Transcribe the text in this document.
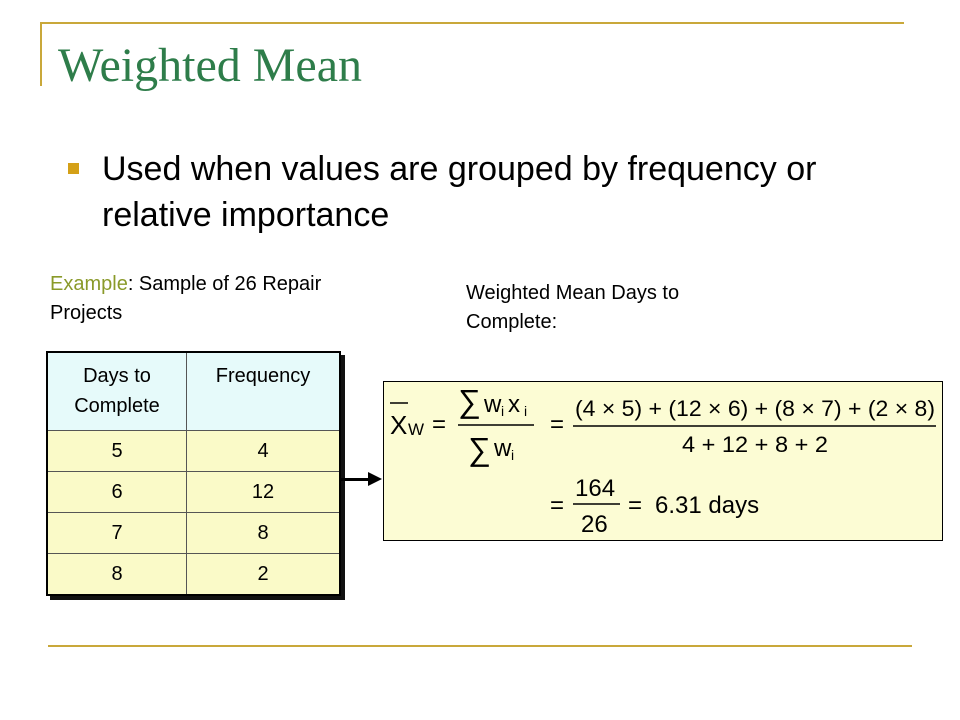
Weighted Mean
Used when values are grouped by frequency or relative importance
Example: Sample of 26 Repair Projects
Weighted Mean Days to Complete:
Days to Complete	Frequency
5	4
6	12
7	8
8	2
X W =
∑ w i x i
∑ w i
=
(4 × 5) + (12 × 6) + (8 × 7) + (2 × 8)
4 + 12 + 8 + 2
=
164
26
= 6.31 days
